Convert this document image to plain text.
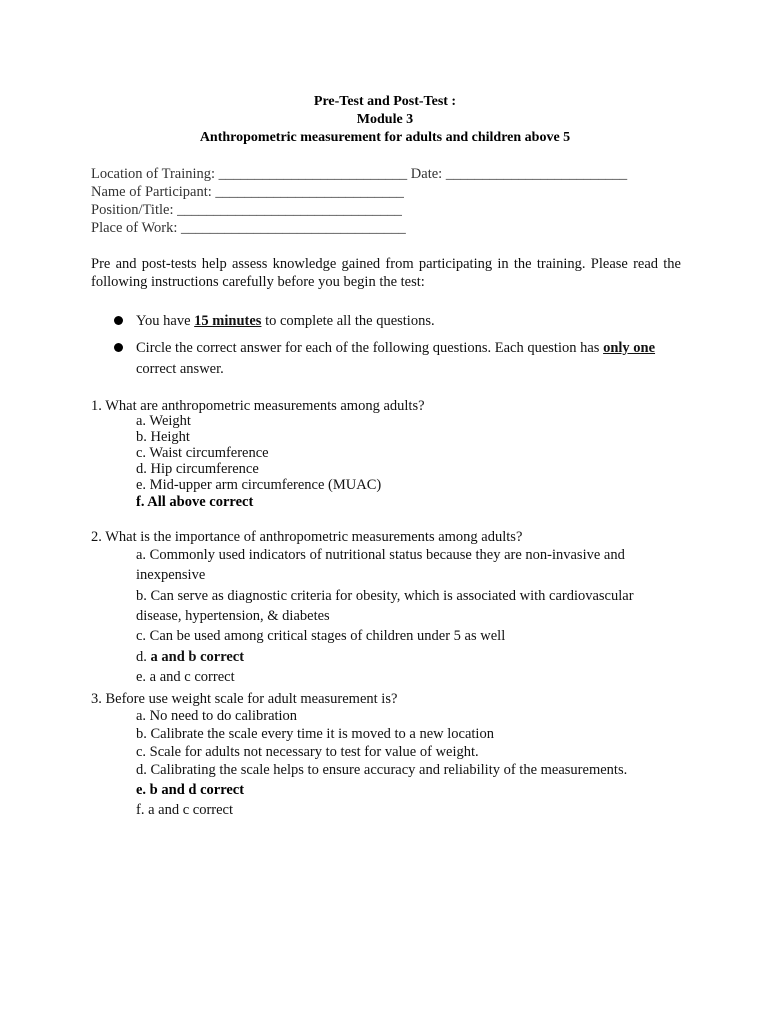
Pre-Test and Post-Test :
Module 3
Anthropometric measurement for adults and children above 5
Location of Training: __________________________ Date: _________________________
Name of Participant: __________________________
Position/Title: _______________________________
Place of Work: _______________________________
Pre and post-tests help assess knowledge gained from participating in the training. Please read the following instructions carefully before you begin the test:
You have 15 minutes to complete all the questions.
Circle the correct answer for each of the following questions. Each question has only one correct answer.
1. What are anthropometric measurements among adults?
a. Weight
b. Height
c. Waist circumference
d. Hip circumference
e. Mid-upper arm circumference (MUAC)
f. All above correct
2. What is the importance of anthropometric measurements among adults?
a. Commonly used indicators of nutritional status because they are non-invasive and inexpensive
b. Can serve as diagnostic criteria for obesity, which is associated with cardiovascular disease, hypertension, & diabetes
c. Can be used among critical stages of children under 5 as well
d. a and b correct
e. a and c correct
3. Before use weight scale for adult measurement is?
a. No need to do calibration
b. Calibrate the scale every time it is moved to a new location
c. Scale for adults not necessary to test for value of weight.
d. Calibrating the scale helps to ensure accuracy and reliability of the measurements.
e. b and d correct
f. a and c correct
